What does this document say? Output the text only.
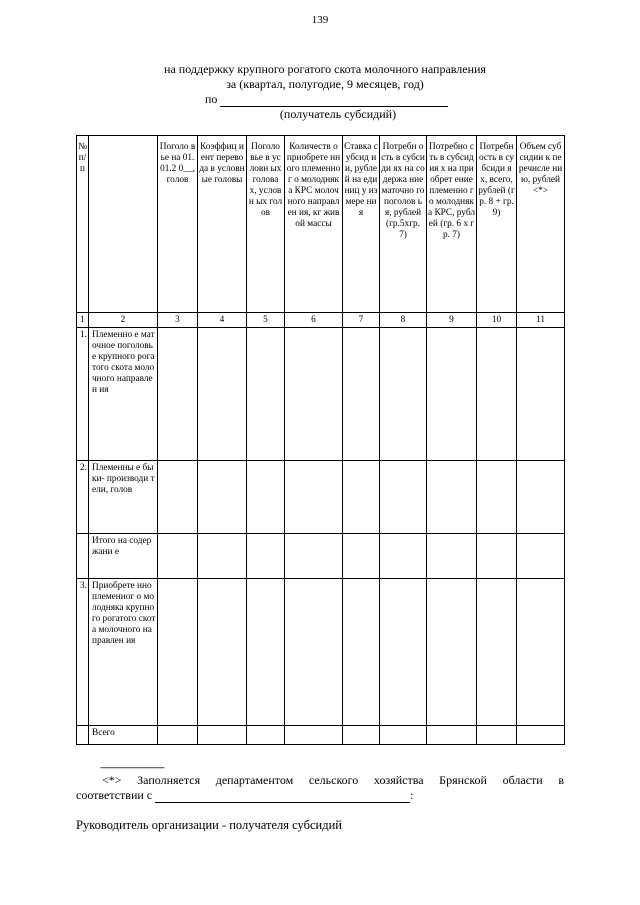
139
на поддержку крупного рогатого скота молочного направления
за (квартал, полугодие, 9 месяцев, год)
по
(получатель субсидий)
№ п/п		Поголо вье на 01.01.2 0__, голов	Коэффиц иент перевода в условные головы	Поголо вье в условн ых голова х, условн ых голов	Количеств о приобрете нного племенног о молодняка КРС молочного направлен ия, кг живой массы	Ставка субсид ии, рублей на единиц у измере ния	Потребн ость в субсиди ях на содержа ние маточно го поголов ья, рублей (гр.5хгр. 7)	Потребно сть в субсидия х на приобрет ение племенно го молодняк а КРС, рублей (гр. 6 х гр. 7)	Потребн ость в субсиди ях, всего, рублей (гр. 8 + гр. 9)	Объем субсидии к перечисле нию, рублей <*>
1	2	3	4	5	6	7	8	9	10	11
1.	Племенно е маточное поголовье крупного рогатого скота молочного направлен ия									
2.	Племенны е быки- производи тели, голов									
	Итого на содержани е									
3.	Приобрете нно племенног о молодняка крупного рогатого скота молочного направлен ия									
	Всего									
--------------------------------
<*> Заполняется департаментом сельского хозяйства Брянской области в
соответствии с	:
Руководитель организации - получателя субсидий
